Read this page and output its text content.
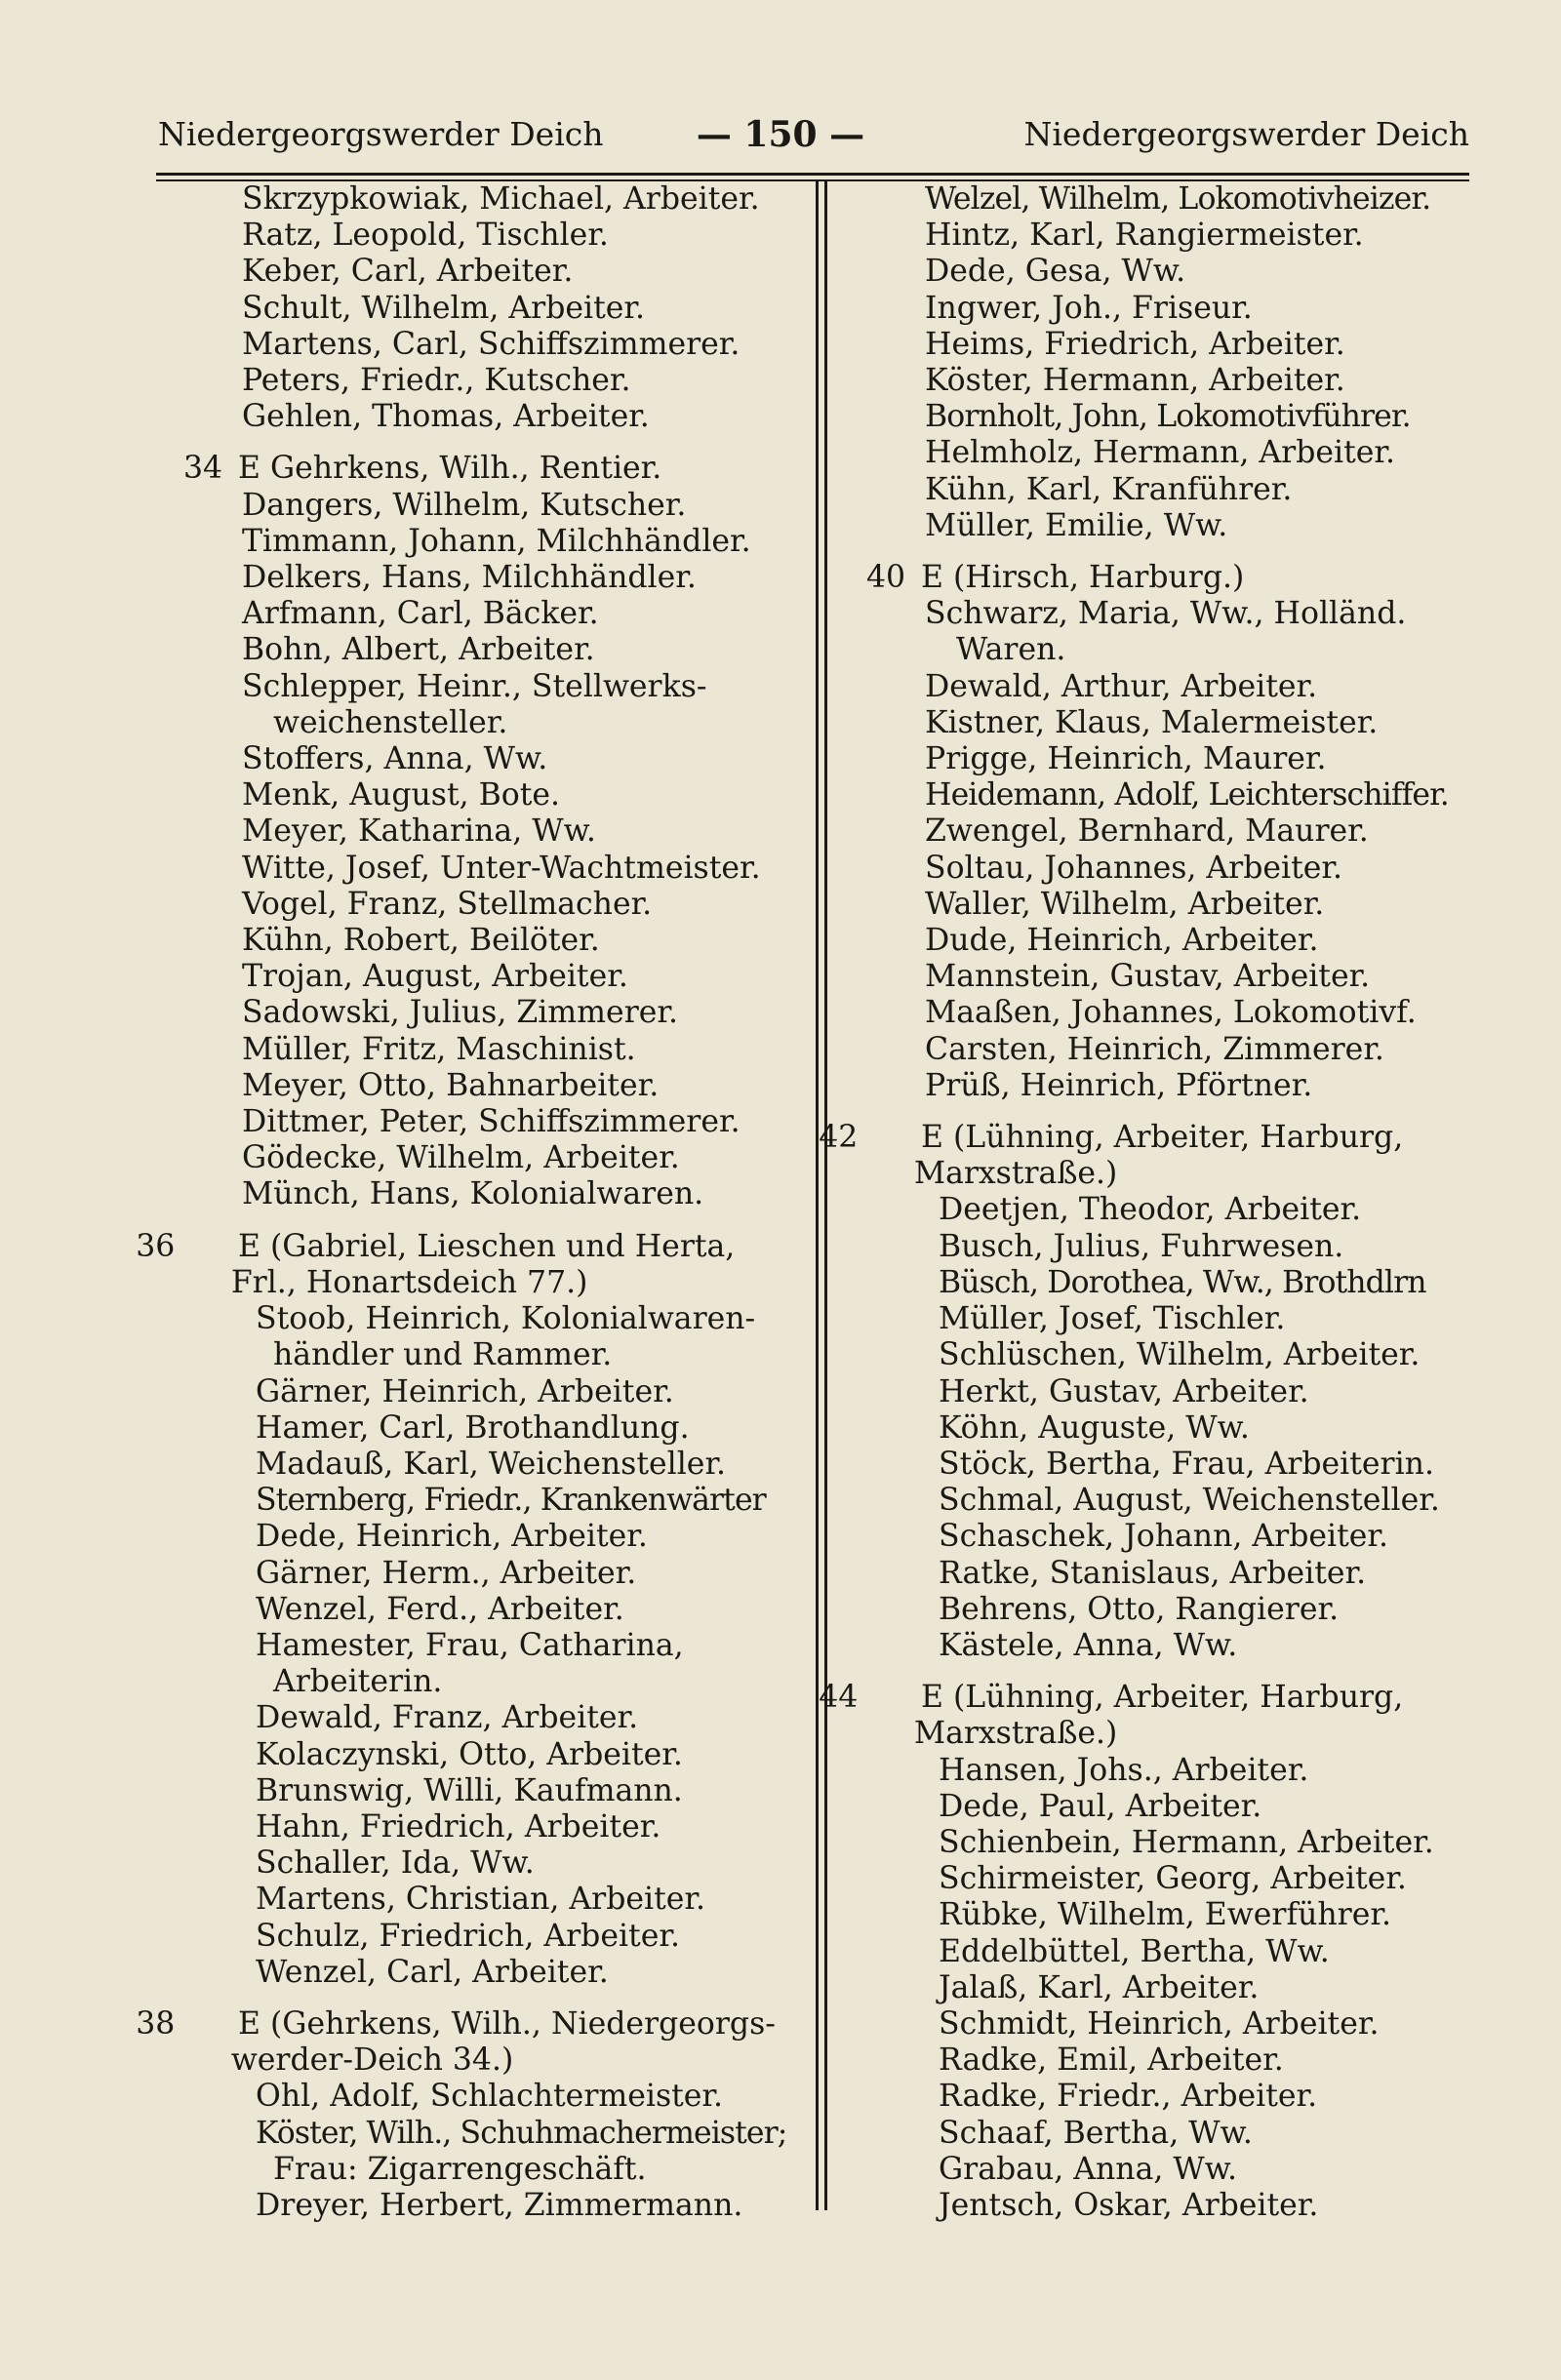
Niedergeorgswerder Deich	— 150 —	Niedergeorgswerder Deich
Skrzypkowiak, Michael, Arbeiter.
Ratz, Leopold, Tischler.
Keber, Carl, Arbeiter.
Schult, Wilhelm, Arbeiter.
Martens, Carl, Schiffszimmerer.
Peters, Friedr., Kutscher.
Gehlen, Thomas, Arbeiter.
34 E Gehrkens, Wilh., Rentier.
Dangers, Wilhelm, Kutscher.
Timmann, Johann, Milchhändler.
Delkers, Hans, Milchhändler.
Arfmann, Carl, Bäcker.
Bohn, Albert, Arbeiter.
Schlepper, Heinr., Stellwerks-
weichensteller.
Stoffers, Anna, Ww.
Menk, August, Bote.
Meyer, Katharina, Ww.
Witte, Josef, Unter-Wachtmeister.
Vogel, Franz, Stellmacher.
Kühn, Robert, Beilöter.
Trojan, August, Arbeiter.
Sadowski, Julius, Zimmerer.
Müller, Fritz, Maschinist.
Meyer, Otto, Bahnarbeiter.
Dittmer, Peter, Schiffszimmerer.
Gödecke, Wilhelm, Arbeiter.
Münch, Hans, Kolonialwaren.
36 E (Gabriel, Lieschen und Herta, Frl., Honartsdeich 77.)
Stoob, Heinrich, Kolonialwaren-
händler und Rammer.
Gärner, Heinrich, Arbeiter.
Hamer, Carl, Brothandlung.
Madauß, Karl, Weichensteller.
Sternberg, Friedr., Krankenwärter
Dede, Heinrich, Arbeiter.
Gärner, Herm., Arbeiter.
Wenzel, Ferd., Arbeiter.
Hamester, Frau, Catharina,
Arbeiterin.
Dewald, Franz, Arbeiter.
Kolaczynski, Otto, Arbeiter.
Brunswig, Willi, Kaufmann.
Hahn, Friedrich, Arbeiter.
Schaller, Ida, Ww.
Martens, Christian, Arbeiter.
Schulz, Friedrich, Arbeiter.
Wenzel, Carl, Arbeiter.
38 E (Gehrkens, Wilh., Niedergeorgs-werder-Deich 34.)
Ohl, Adolf, Schlachtermeister.
Köster, Wilh., Schuhmachermeister;
Frau: Zigarrengeschäft.
Dreyer, Herbert, Zimmermann.
Welzel, Wilhelm, Lokomotivheizer.
Hintz, Karl, Rangiermeister.
Dede, Gesa, Ww.
Ingwer, Joh., Friseur.
Heims, Friedrich, Arbeiter.
Köster, Hermann, Arbeiter.
Bornholt, John, Lokomotivführer.
Helmholz, Hermann, Arbeiter.
Kühn, Karl, Kranführer.
Müller, Emilie, Ww.
40 E (Hirsch, Harburg.)
Schwarz, Maria, Ww., Holländ.
Waren.
Dewald, Arthur, Arbeiter.
Kistner, Klaus, Malermeister.
Prigge, Heinrich, Maurer.
Heidemann, Adolf, Leichterschiffer.
Zwengel, Bernhard, Maurer.
Soltau, Johannes, Arbeiter.
Waller, Wilhelm, Arbeiter.
Dude, Heinrich, Arbeiter.
Mannstein, Gustav, Arbeiter.
Maaßen, Johannes, Lokomotivf.
Carsten, Heinrich, Zimmerer.
Prüß, Heinrich, Pförtner.
42 E (Lühning, Arbeiter, Harburg, Marxstraße.)
Deetjen, Theodor, Arbeiter.
Busch, Julius, Fuhrwesen.
Büsch, Dorothea, Ww., Brothdlrn
Müller, Josef, Tischler.
Schlüschen, Wilhelm, Arbeiter.
Herkt, Gustav, Arbeiter.
Köhn, Auguste, Ww.
Stöck, Bertha, Frau, Arbeiterin.
Schmal, August, Weichensteller.
Schaschek, Johann, Arbeiter.
Ratke, Stanislaus, Arbeiter.
Behrens, Otto, Rangierer.
Kästele, Anna, Ww.
44 E (Lühning, Arbeiter, Harburg, Marxstraße.)
Hansen, Johs., Arbeiter.
Dede, Paul, Arbeiter.
Schienbein, Hermann, Arbeiter.
Schirmeister, Georg, Arbeiter.
Rübke, Wilhelm, Ewerführer.
Eddelbüttel, Bertha, Ww.
Jalaß, Karl, Arbeiter.
Schmidt, Heinrich, Arbeiter.
Radke, Emil, Arbeiter.
Radke, Friedr., Arbeiter.
Schaaf, Bertha, Ww.
Grabau, Anna, Ww.
Jentsch, Oskar, Arbeiter.
